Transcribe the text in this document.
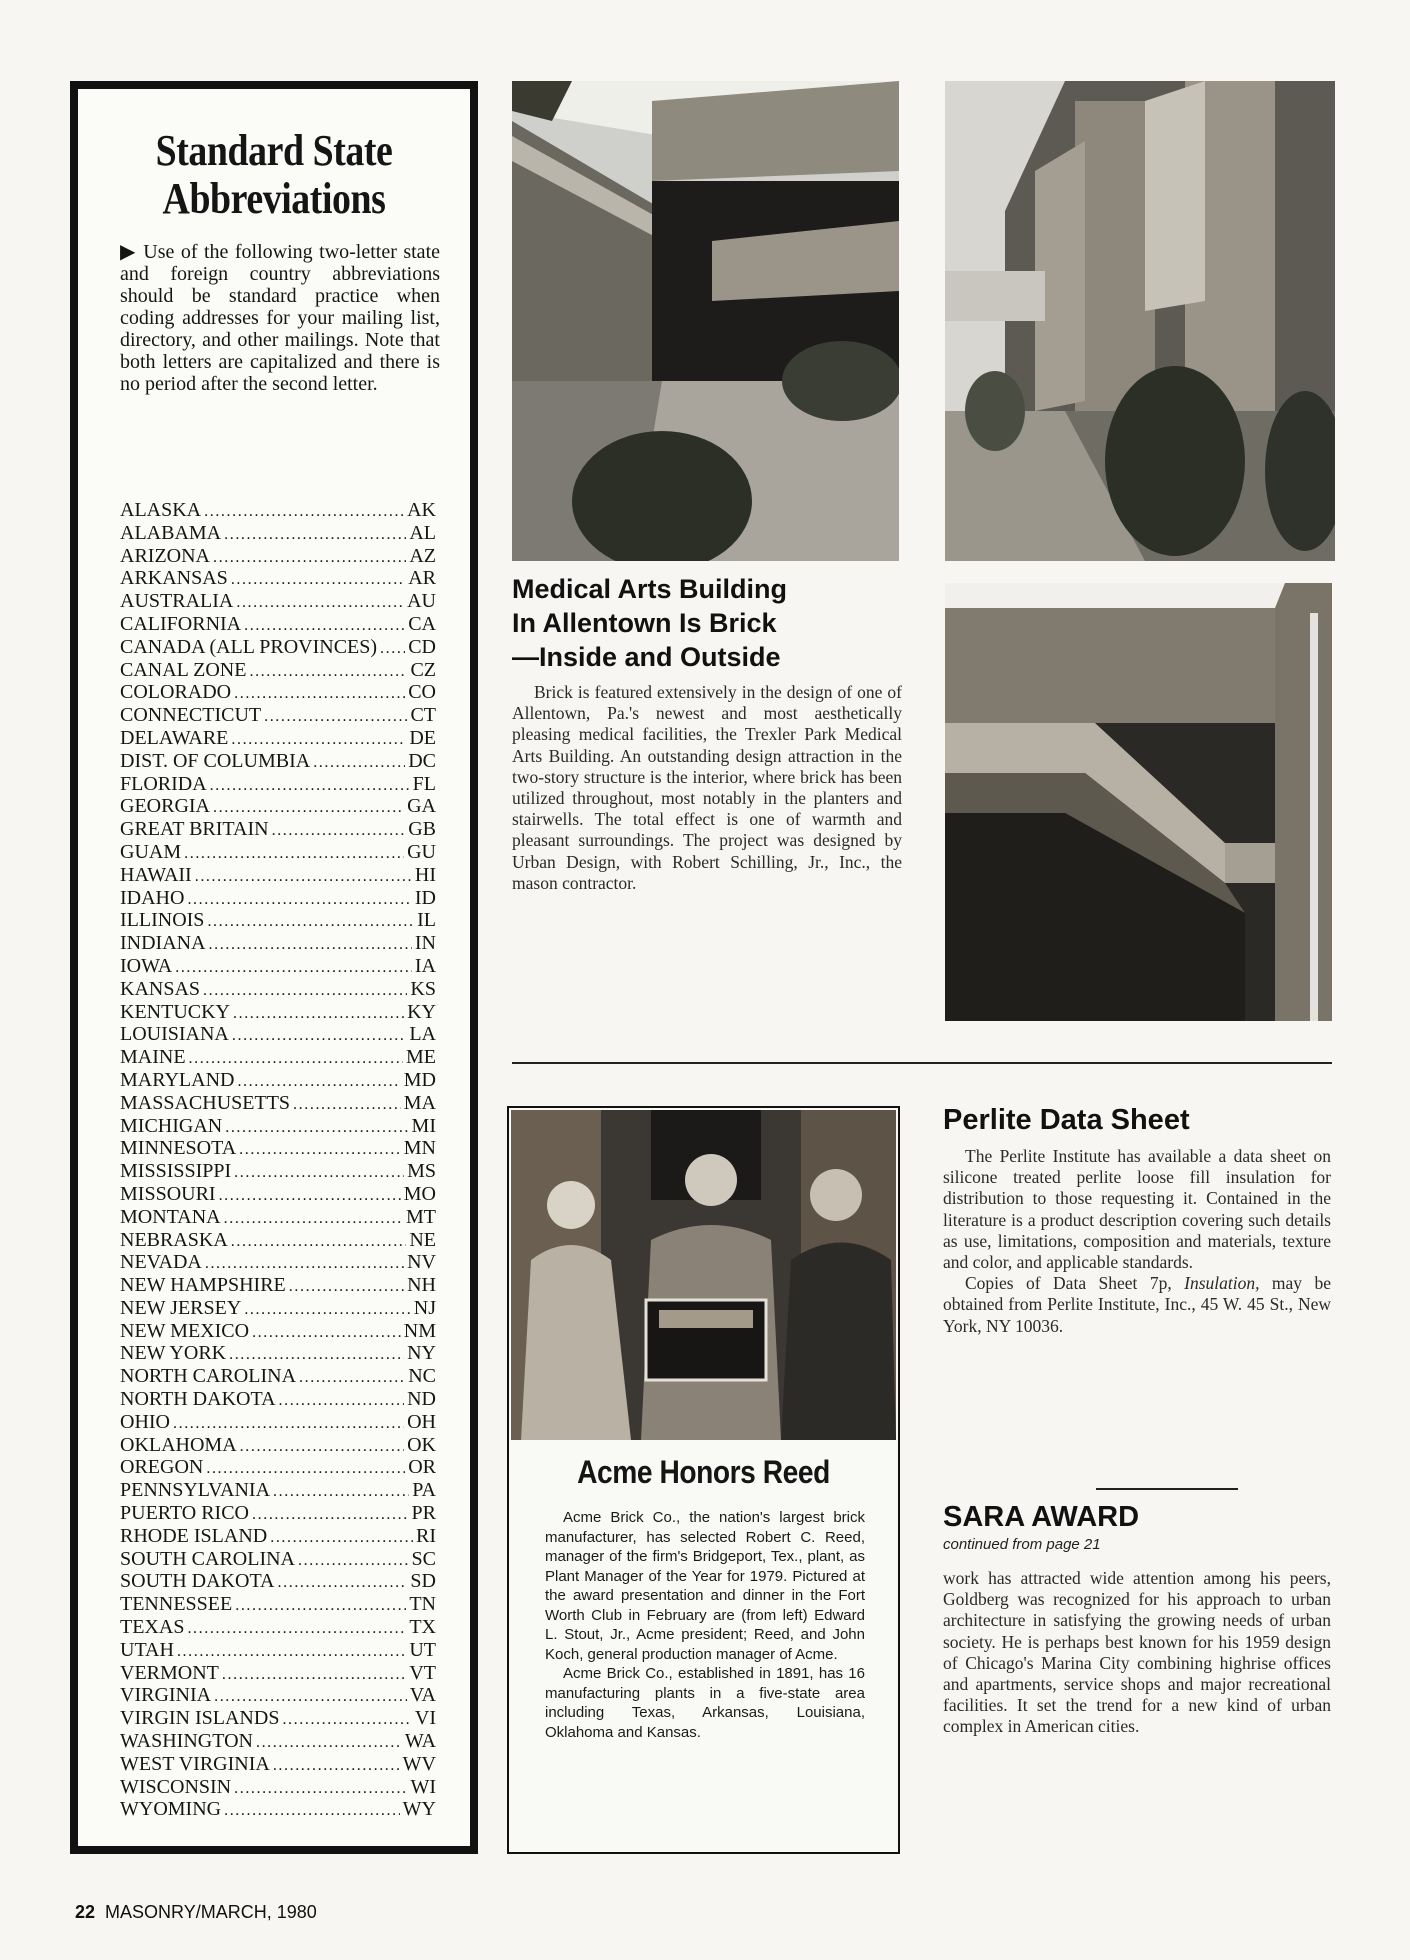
Standard State
Abbreviations
▶ Use of the following two-letter state and foreign country abbreviations should be standard practice when coding addresses for your mailing list, directory, and other mailings. Note that both letters are capitalized and there is no period after the second letter.
ALASKA .....	AK
ALABAMA .....	AL
ARIZONA .....	AZ
ARKANSAS .....	AR
AUSTRALIA .....	AU
CALIFORNIA .....	CA
CANADA (ALL PROVINCES) ..... CD
CANAL ZONE .....	CZ
COLORADO .....	CO
CONNECTICUT .....	CT
DELAWARE .....	DE
DIST. OF COLUMBIA .....	DC
FLORIDA .....	FL
GEORGIA .....	GA
GREAT BRITAIN .....	GB
GUAM .....	GU
HAWAII .....	HI
IDAHO .....	ID
ILLINOIS .....	IL
INDIANA .....	IN
IOWA .....	IA
KANSAS .....	KS
KENTUCKY .....	KY
LOUISIANA .....	LA
MAINE .....	ME
MARYLAND .....	MD
MASSACHUSETTS .....	MA
MICHIGAN .....	MI
MINNESOTA .....	MN
MISSISSIPPI .....	MS
MISSOURI .....	MO
MONTANA .....	MT
NEBRASKA .....	NE
NEVADA .....	NV
NEW HAMPSHIRE .....	NH
NEW JERSEY .....	NJ
NEW MEXICO .....	NM
NEW YORK .....	NY
NORTH CAROLINA .....	NC
NORTH DAKOTA .....	ND
OHIO .....	OH
OKLAHOMA .....	OK
OREGON .....	OR
PENNSYLVANIA .....	PA
PUERTO RICO .....	PR
RHODE ISLAND .....	RI
SOUTH CAROLINA .....	SC
SOUTH DAKOTA .....	SD
TENNESSEE .....	TN
TEXAS .....	TX
UTAH .....	UT
VERMONT .....	VT
VIRGINIA .....	VA
VIRGIN ISLANDS .....	VI
WASHINGTON .....	WA
WEST VIRGINIA .....	WV
WISCONSIN .....	WI
WYOMING .....	WY
Medical Arts Building
In Allentown Is Brick
—Inside and Outside

Brick is featured extensively in the design of one of Allentown, Pa.'s newest and most aesthetically pleasing medical facilities, the Trexler Park Medical Arts Building. An outstanding design attraction in the two-story structure is the interior, where brick has been utilized throughout, most notably in the planters and stairwells. The total effect is one of warmth and pleasant surroundings. The project was designed by Urban Design, with Robert Schilling, Jr., Inc., the mason contractor.

Acme Honors Reed

Acme Brick Co., the nation's largest brick manufacturer, has selected Robert C. Reed, manager of the firm's Bridgeport, Tex., plant, as Plant Manager of the Year for 1979. Pictured at the award presentation and dinner in the Fort Worth Club in February are (from left) Edward L. Stout, Jr., Acme president; Reed, and John Koch, general production manager of Acme.

Acme Brick Co., established in 1891, has 16 manufacturing plants in a five-state area including Texas, Arkansas, Louisiana, Oklahoma and Kansas.

Perlite Data Sheet

The Perlite Institute has available a data sheet on silicone treated perlite loose fill insulation for distribution to those requesting it. Contained in the literature is a product description covering such details as use, limitations, composition and materials, texture and color, and applicable standards.

Copies of Data Sheet 7p, Insulation, may be obtained from Perlite Institute, Inc., 45 W. 45 St., New York, NY 10036.

SARA AWARD
continued from page 21

work has attracted wide attention among his peers, Goldberg was recognized for his approach to urban architecture in satisfying the growing needs of urban society. He is perhaps best known for his 1959 design of Chicago's Marina City combining highrise offices and apartments, service shops and major recreational facilities. It set the trend for a new kind of urban complex in American cities.

22 MASONRY/MARCH, 1980
